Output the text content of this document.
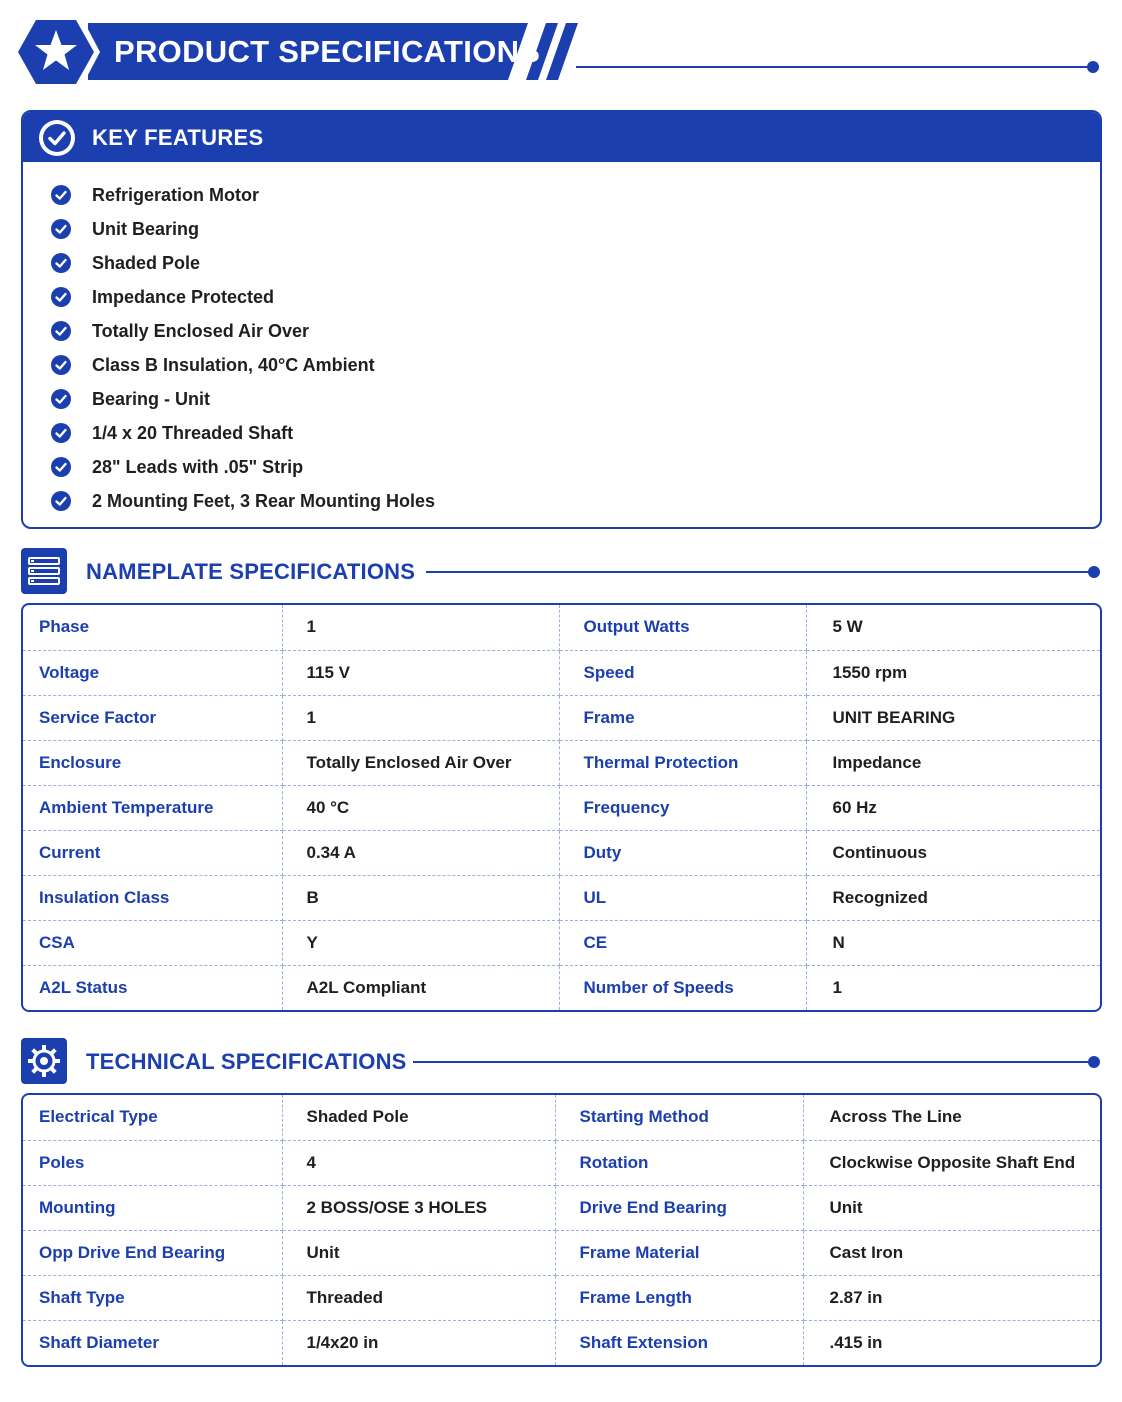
PRODUCT SPECIFICATIONS
KEY FEATURES
Refrigeration Motor
Unit Bearing
Shaded Pole
Impedance Protected
Totally Enclosed Air Over
Class B Insulation, 40°C Ambient
Bearing - Unit
1/4 x 20 Threaded Shaft
28" Leads with .05" Strip
2 Mounting Feet, 3 Rear Mounting Holes
NAMEPLATE SPECIFICATIONS
Phase	1	Output Watts	5 W
Voltage	115 V	Speed	1550 rpm
Service Factor	1	Frame	UNIT BEARING
Enclosure	Totally Enclosed Air Over	Thermal Protection	Impedance
Ambient Temperature	40 °C	Frequency	60 Hz
Current	0.34 A	Duty	Continuous
Insulation Class	B	UL	Recognized
CSA	Y	CE	N
A2L Status	A2L Compliant	Number of Speeds	1
TECHNICAL SPECIFICATIONS
Electrical Type	Shaded Pole	Starting Method	Across The Line
Poles	4	Rotation	Clockwise Opposite Shaft End
Mounting	2 BOSS/OSE 3 HOLES	Drive End Bearing	Unit
Opp Drive End Bearing	Unit	Frame Material	Cast Iron
Shaft Type	Threaded	Frame Length	2.87 in
Shaft Diameter	1/4x20 in	Shaft Extension	.415 in
